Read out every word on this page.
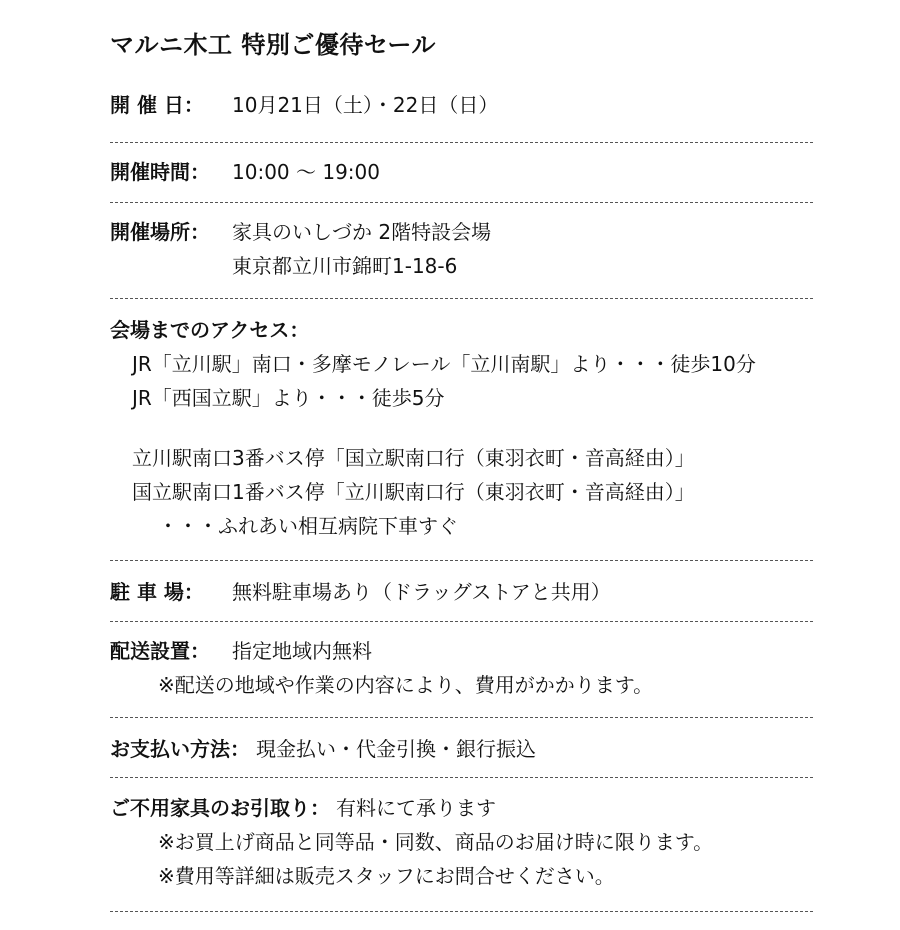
マルニ木工 特別ご優待セール
開 催 日： 10月21日（土）・22日（日）
開催時間： 10:00 〜 19:00
開催場所： 家具のいしづか 2階特設会場
東京都立川市錦町1-18-6
会場までのアクセス：
JR「立川駅」南口・多摩モノレール「立川南駅」より・・・徒歩10分
JR「西国立駅」より・・・徒歩5分
立川駅南口3番バス停「国立駅南口行（東羽衣町・音高経由）」
国立駅南口1番バス停「立川駅南口行（東羽衣町・音高経由）」
・・・ふれあい相互病院下車すぐ
駐 車 場： 無料駐車場あり（ドラッグストアと共用）
配送設置： 指定地域内無料
※配送の地域や作業の内容により、費用がかかります。
お支払い方法： 現金払い・代金引換・銀行振込
ご不用家具のお引取り： 有料にて承ります
※お買上げ商品と同等品・同数、商品のお届け時に限ります。
※費用等詳細は販売スタッフにお問合せください。
